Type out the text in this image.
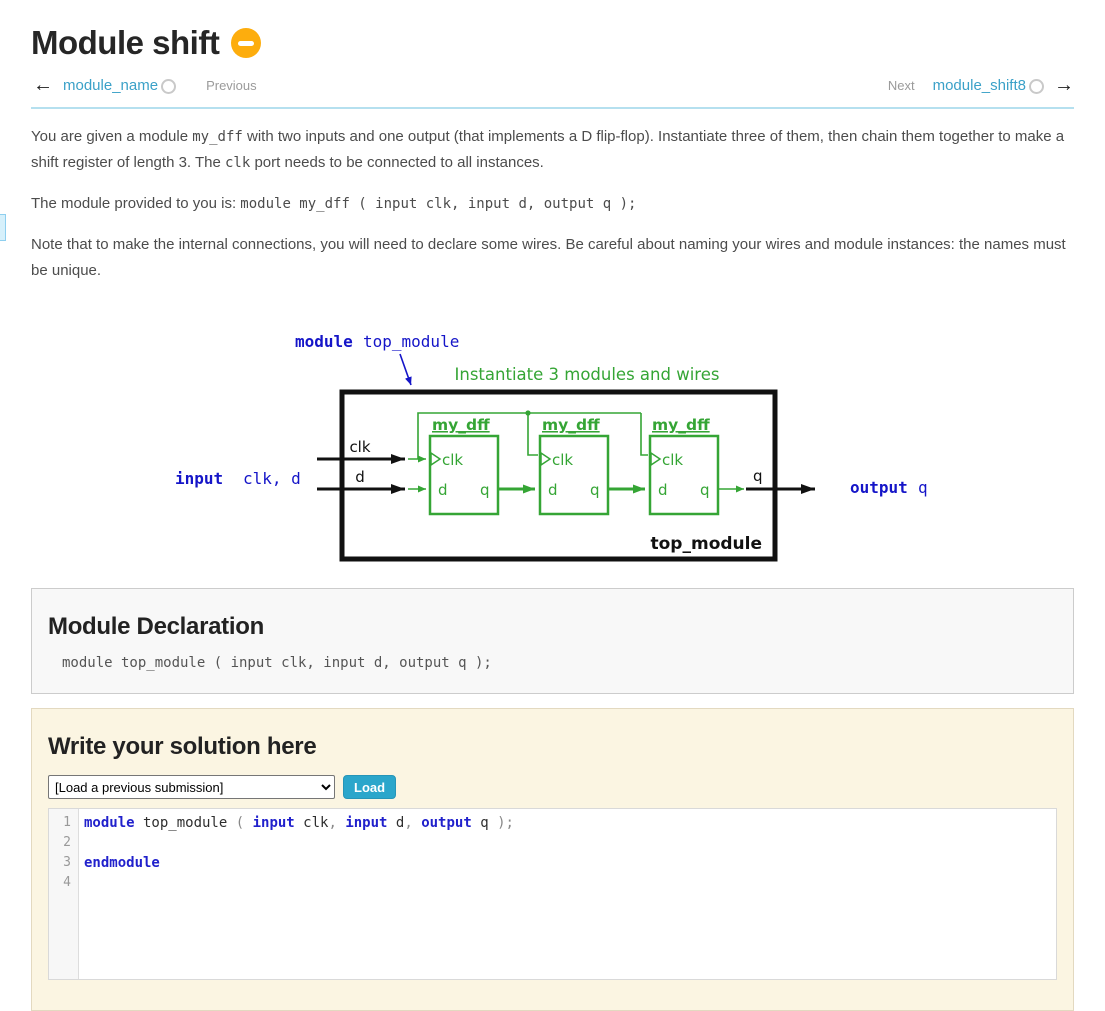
Module shift
← module_name	Previous	Next module_shift8 →

You are given a module my_dff with two inputs and one output (that implements a D flip-flop). Instantiate three of them, then chain them together to make a shift register of length 3. The clk port needs to be connected to all instances.

The module provided to you is: module my_dff ( input clk, input d, output q );

Note that to make the internal connections, you will need to declare some wires. Be careful about naming your wires and module instances: the names must be unique.

module top_module
Instantiate 3 modules and wires
clk
d
my_dff
clk
d q
my_dff
clk
d q
my_dff
clk
d q
q
top_module
input clk, d	output q
Module Declaration
module top_module ( input clk, input d, output q );
Write your solution here
[Load a previous submission]
Load
1
2
3
4
module top_module ( input clk, input d, output q );
endmodule
